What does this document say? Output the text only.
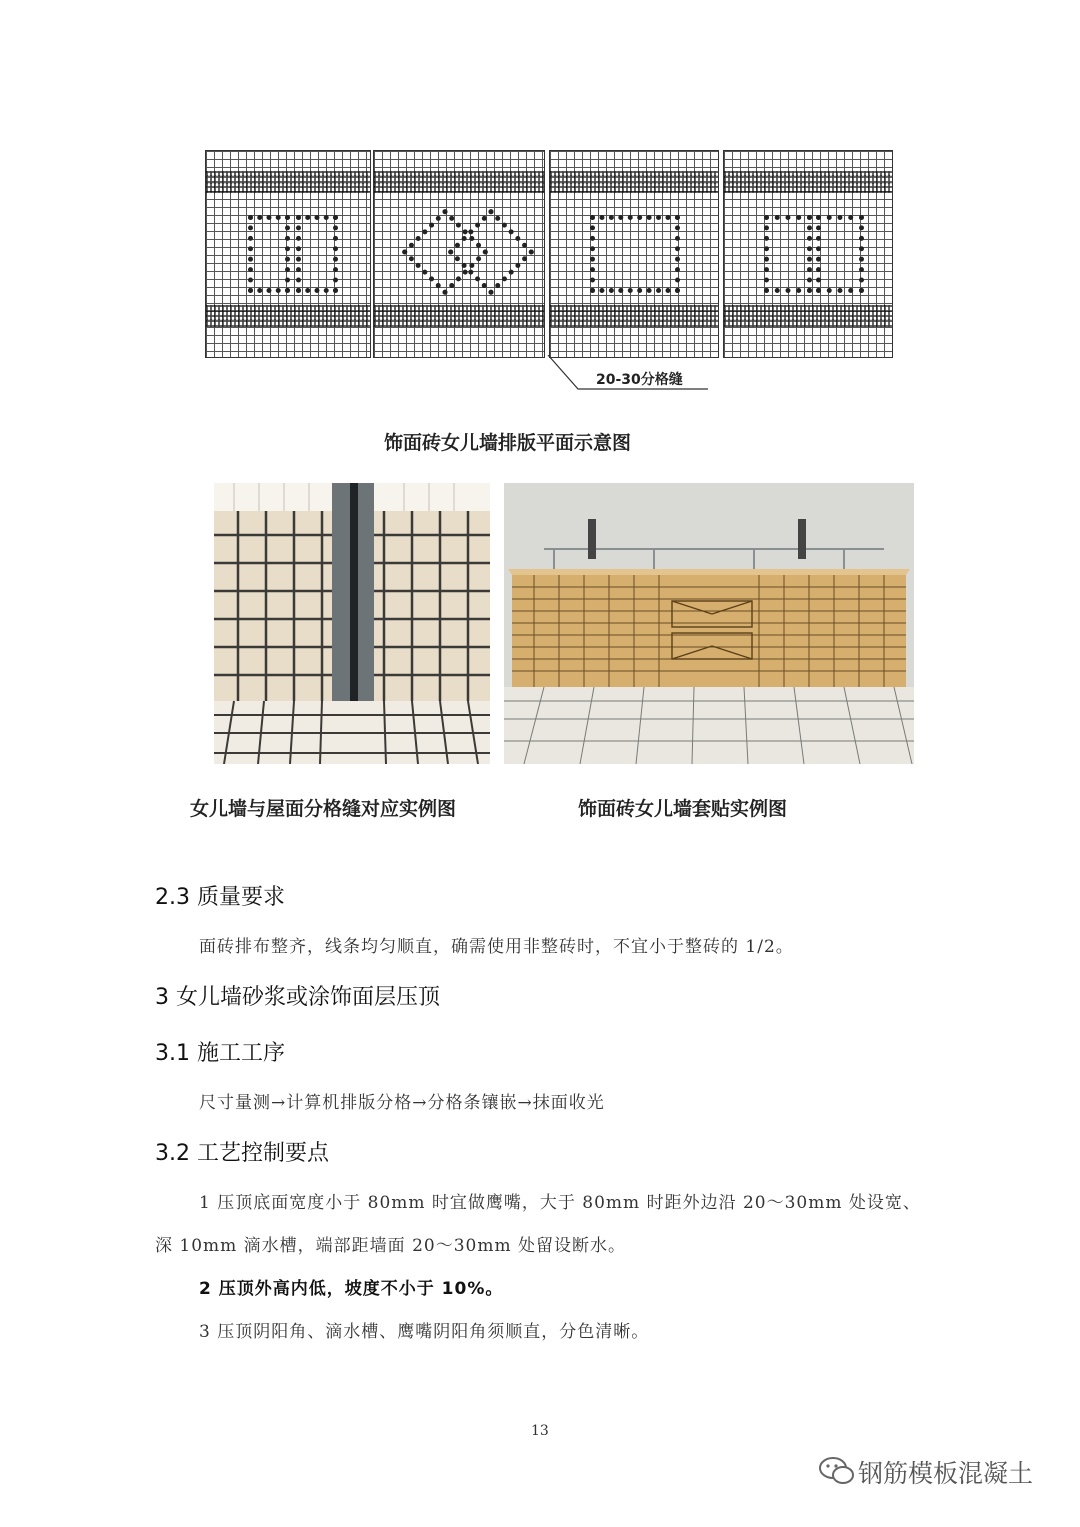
20-30分格缝
饰面砖女儿墙排版平面示意图
女儿墙与屋面分格缝对应实例图	饰面砖女儿墙套贴实例图
2.3 质量要求
面砖排布整齐，线条均匀顺直，确需使用非整砖时，不宜小于整砖的 1/2。
3 女儿墙砂浆或涂饰面层压顶
3.1 施工工序
尺寸量测→计算机排版分格→分格条镶嵌→抹面收光
3.2 工艺控制要点
1 压顶底面宽度小于 80mm 时宜做鹰嘴，大于 80mm 时距外边沿 20～30mm 处设宽、
深 10mm 滴水槽，端部距墙面 20～30mm 处留设断水。
2 压顶外高内低，坡度不小于 10%。
3 压顶阴阳角、滴水槽、鹰嘴阴阳角须顺直，分色清晰。
13
钢筋模板混凝土
